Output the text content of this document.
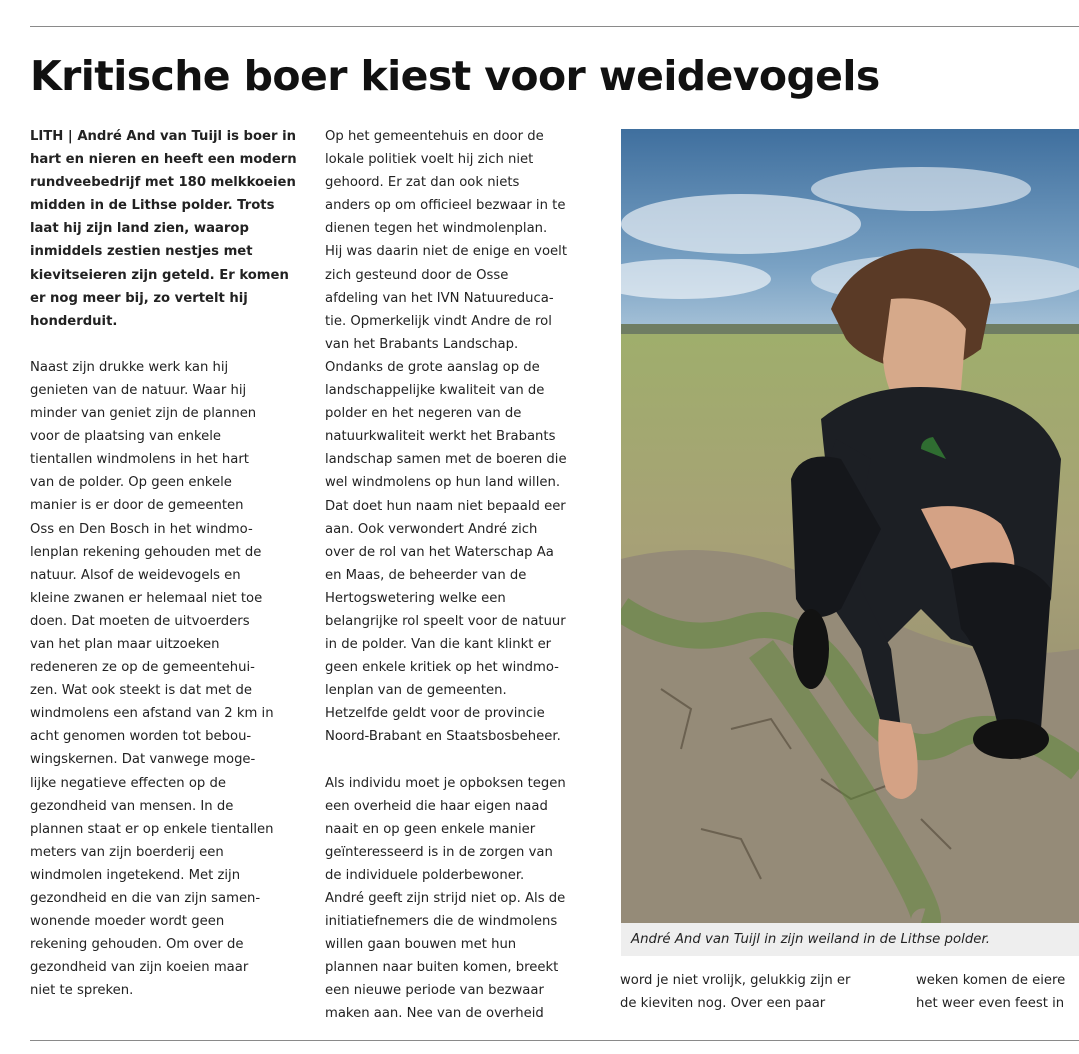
Kritische boer kiest voor weidevogels

LITH | André And van Tuijl is boer in
hart en nieren en heeft een modern
rundveebedrijf met 180 melkkoeien
midden in de Lithse polder. Trots
laat hij zijn land zien, waarop
inmiddels zestien nestjes met
kievitseieren zijn geteld. Er komen
er nog meer bij, zo vertelt hij
honderduit.

Naast zijn drukke werk kan hij
genieten van de natuur. Waar hij
minder van geniet zijn de plannen
voor de plaatsing van enkele
tientallen windmolens in het hart
van de polder. Op geen enkele
manier is er door de gemeenten
Oss en Den Bosch in het windmo-
lenplan rekening gehouden met de
natuur. Alsof de weidevogels en
kleine zwanen er helemaal niet toe
doen. Dat moeten de uitvoerders
van het plan maar uitzoeken
redeneren ze op de gemeentehui-
zen. Wat ook steekt is dat met de
windmolens een afstand van 2 km in
acht genomen worden tot bebou-
wingskernen. Dat vanwege moge-
lijke negatieve effecten op de
gezondheid van mensen. In de
plannen staat er op enkele tientallen
meters van zijn boerderij een
windmolen ingetekend. Met zijn
gezondheid en die van zijn samen-
wonende moeder wordt geen
rekening gehouden. Om over de
gezondheid van zijn koeien maar
niet te spreken.

Op het gemeentehuis en door de
lokale politiek voelt hij zich niet
gehoord. Er zat dan ook niets
anders op om officieel bezwaar in te
dienen tegen het windmolenplan.
Hij was daarin niet de enige en voelt
zich gesteund door de Osse
afdeling van het IVN Natuureduca-
tie. Opmerkelijk vindt Andre de rol
van het Brabants Landschap.
Ondanks de grote aanslag op de
landschappelijke kwaliteit van de
polder en het negeren van de
natuurkwaliteit werkt het Brabants
landschap samen met de boeren die
wel windmolens op hun land willen.
Dat doet hun naam niet bepaald eer
aan. Ook verwondert André zich
over de rol van het Waterschap Aa
en Maas, de beheerder van de
Hertogswetering welke een
belangrijke rol speelt voor de natuur
in de polder. Van die kant klinkt er
geen enkele kritiek op het windmo-
lenplan van de gemeenten.
Hetzelfde geldt voor de provincie
Noord-Brabant en Staatsbosbeheer.

Als individu moet je opboksen tegen
een overheid die haar eigen naad
naait en op geen enkele manier
geïnteresseerd is in de zorgen van
de individuele polderbewoner.
André geeft zijn strijd niet op. Als de
initiatiefnemers die de windmolens
willen gaan bouwen met hun
plannen naar buiten komen, breekt
een nieuwe periode van bezwaar
maken aan. Nee van de overheid

André And van Tuijl in zijn weiland in de Lithse polder.

word je niet vrolijk, gelukkig zijn er
de kieviten nog. Over een paar

weken komen de eiere
het weer even feest in
